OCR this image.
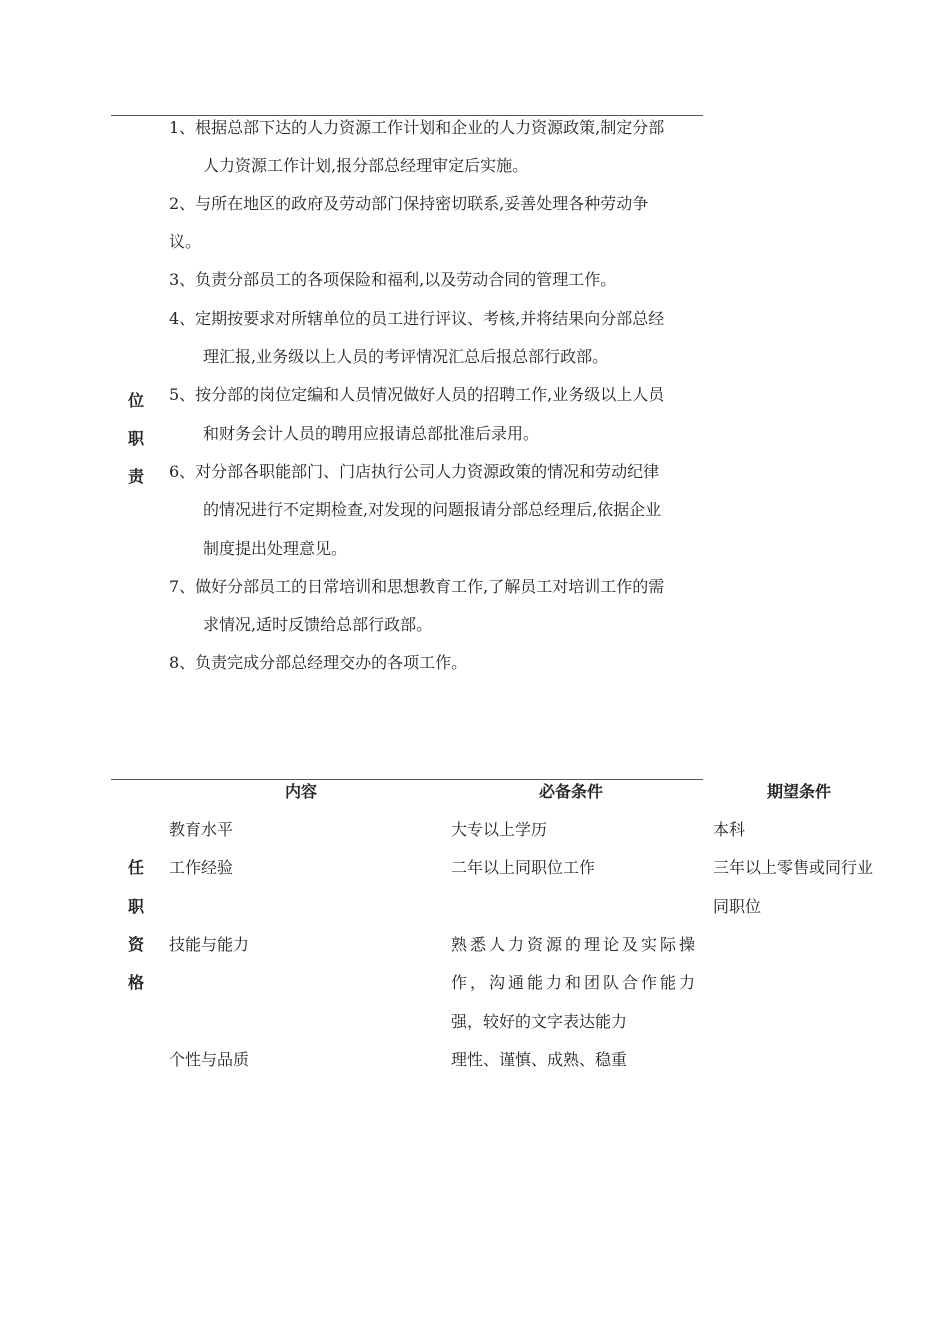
位
职
责
1、根据总部下达的人力资源工作计划和企业的人力资源政策,制定分部
人力资源工作计划,报分部总经理审定后实施。
2、与所在地区的政府及劳动部门保持密切联系,妥善处理各种劳动争
议。
3、负责分部员工的各项保险和福利,以及劳动合同的管理工作。
4、定期按要求对所辖单位的员工进行评议、考核,并将结果向分部总经
理汇报,业务级以上人员的考评情况汇总后报总部行政部。
5、按分部的岗位定编和人员情况做好人员的招聘工作,业务级以上人员
和财务会计人员的聘用应报请总部批准后录用。
6、对分部各职能部门、门店执行公司人力资源政策的情况和劳动纪律
的情况进行不定期检查,对发现的问题报请分部总经理后,依据企业
制度提出处理意见。
7、做好分部员工的日常培训和思想教育工作,了解员工对培训工作的需
求情况,适时反馈给总部行政部。
8、负责完成分部总经理交办的各项工作。
内容	必备条件	期望条件
任
职
资
格
教育水平	大专以上学历	本科
工作经验	二年以上同职位工作	三年以上零售或同行业
同职位
技能与能力	熟悉人力资源的理论及实际操
作，沟通能力和团队合作能力
强，较好的文字表达能力
个性与品质	理性、谨慎、成熟、稳重
